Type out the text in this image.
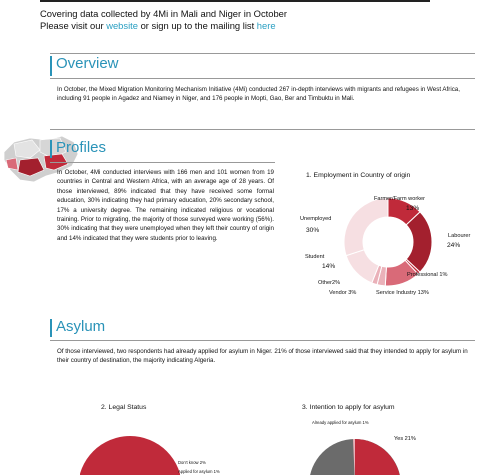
Covering data collected by 4Mi in Mali and Niger in October
Please visit our website or sign up to the mailing list here
Overview
In October, the Mixed Migration Monitoring Mechanism Initiative (4Mi) conducted 267 in-depth interviews with migrants and refugees in West Africa, including 91 people in Agadez and Niamey in Niger, and 176 people in Mopti, Gao, Ber and Timbuktu in Mali.
Profiles
In October, 4Mi conducted interviews with 166 men and 101 women from 19 countries in Central and Western Africa, with an average age of 28 years. Of those interviewed, 89% indicated that they have received some formal education, 30% indicating they had primary education, 20% secondary school, 17% a university degree. The remaining indicated religious or vocational training. Prior to migrating, the majority of those surveyed were working (56%). 30% indicating that they were unemployed when they left their country of origin and 14% indicated that they were students prior to leaving.
1. Employment in Country of origin
Farmer/Farm worker
13%
Unemployed
30%
Labourer
24%
Student
14%
Professional 1%
Other2%
Vendor 3%	Service Industry 13%
Asylum
Of those interviewed, two respondents had already applied for asylum in Niger. 21% of those interviewed said that they intended to apply for asylum in their country of destination, the majority indicating Algeria.
2. Legal Status
Don't know 2%
Applied for asylum 1%
3. Intention to apply for asylum
Already applied for asylum 1%
Yes 21%
